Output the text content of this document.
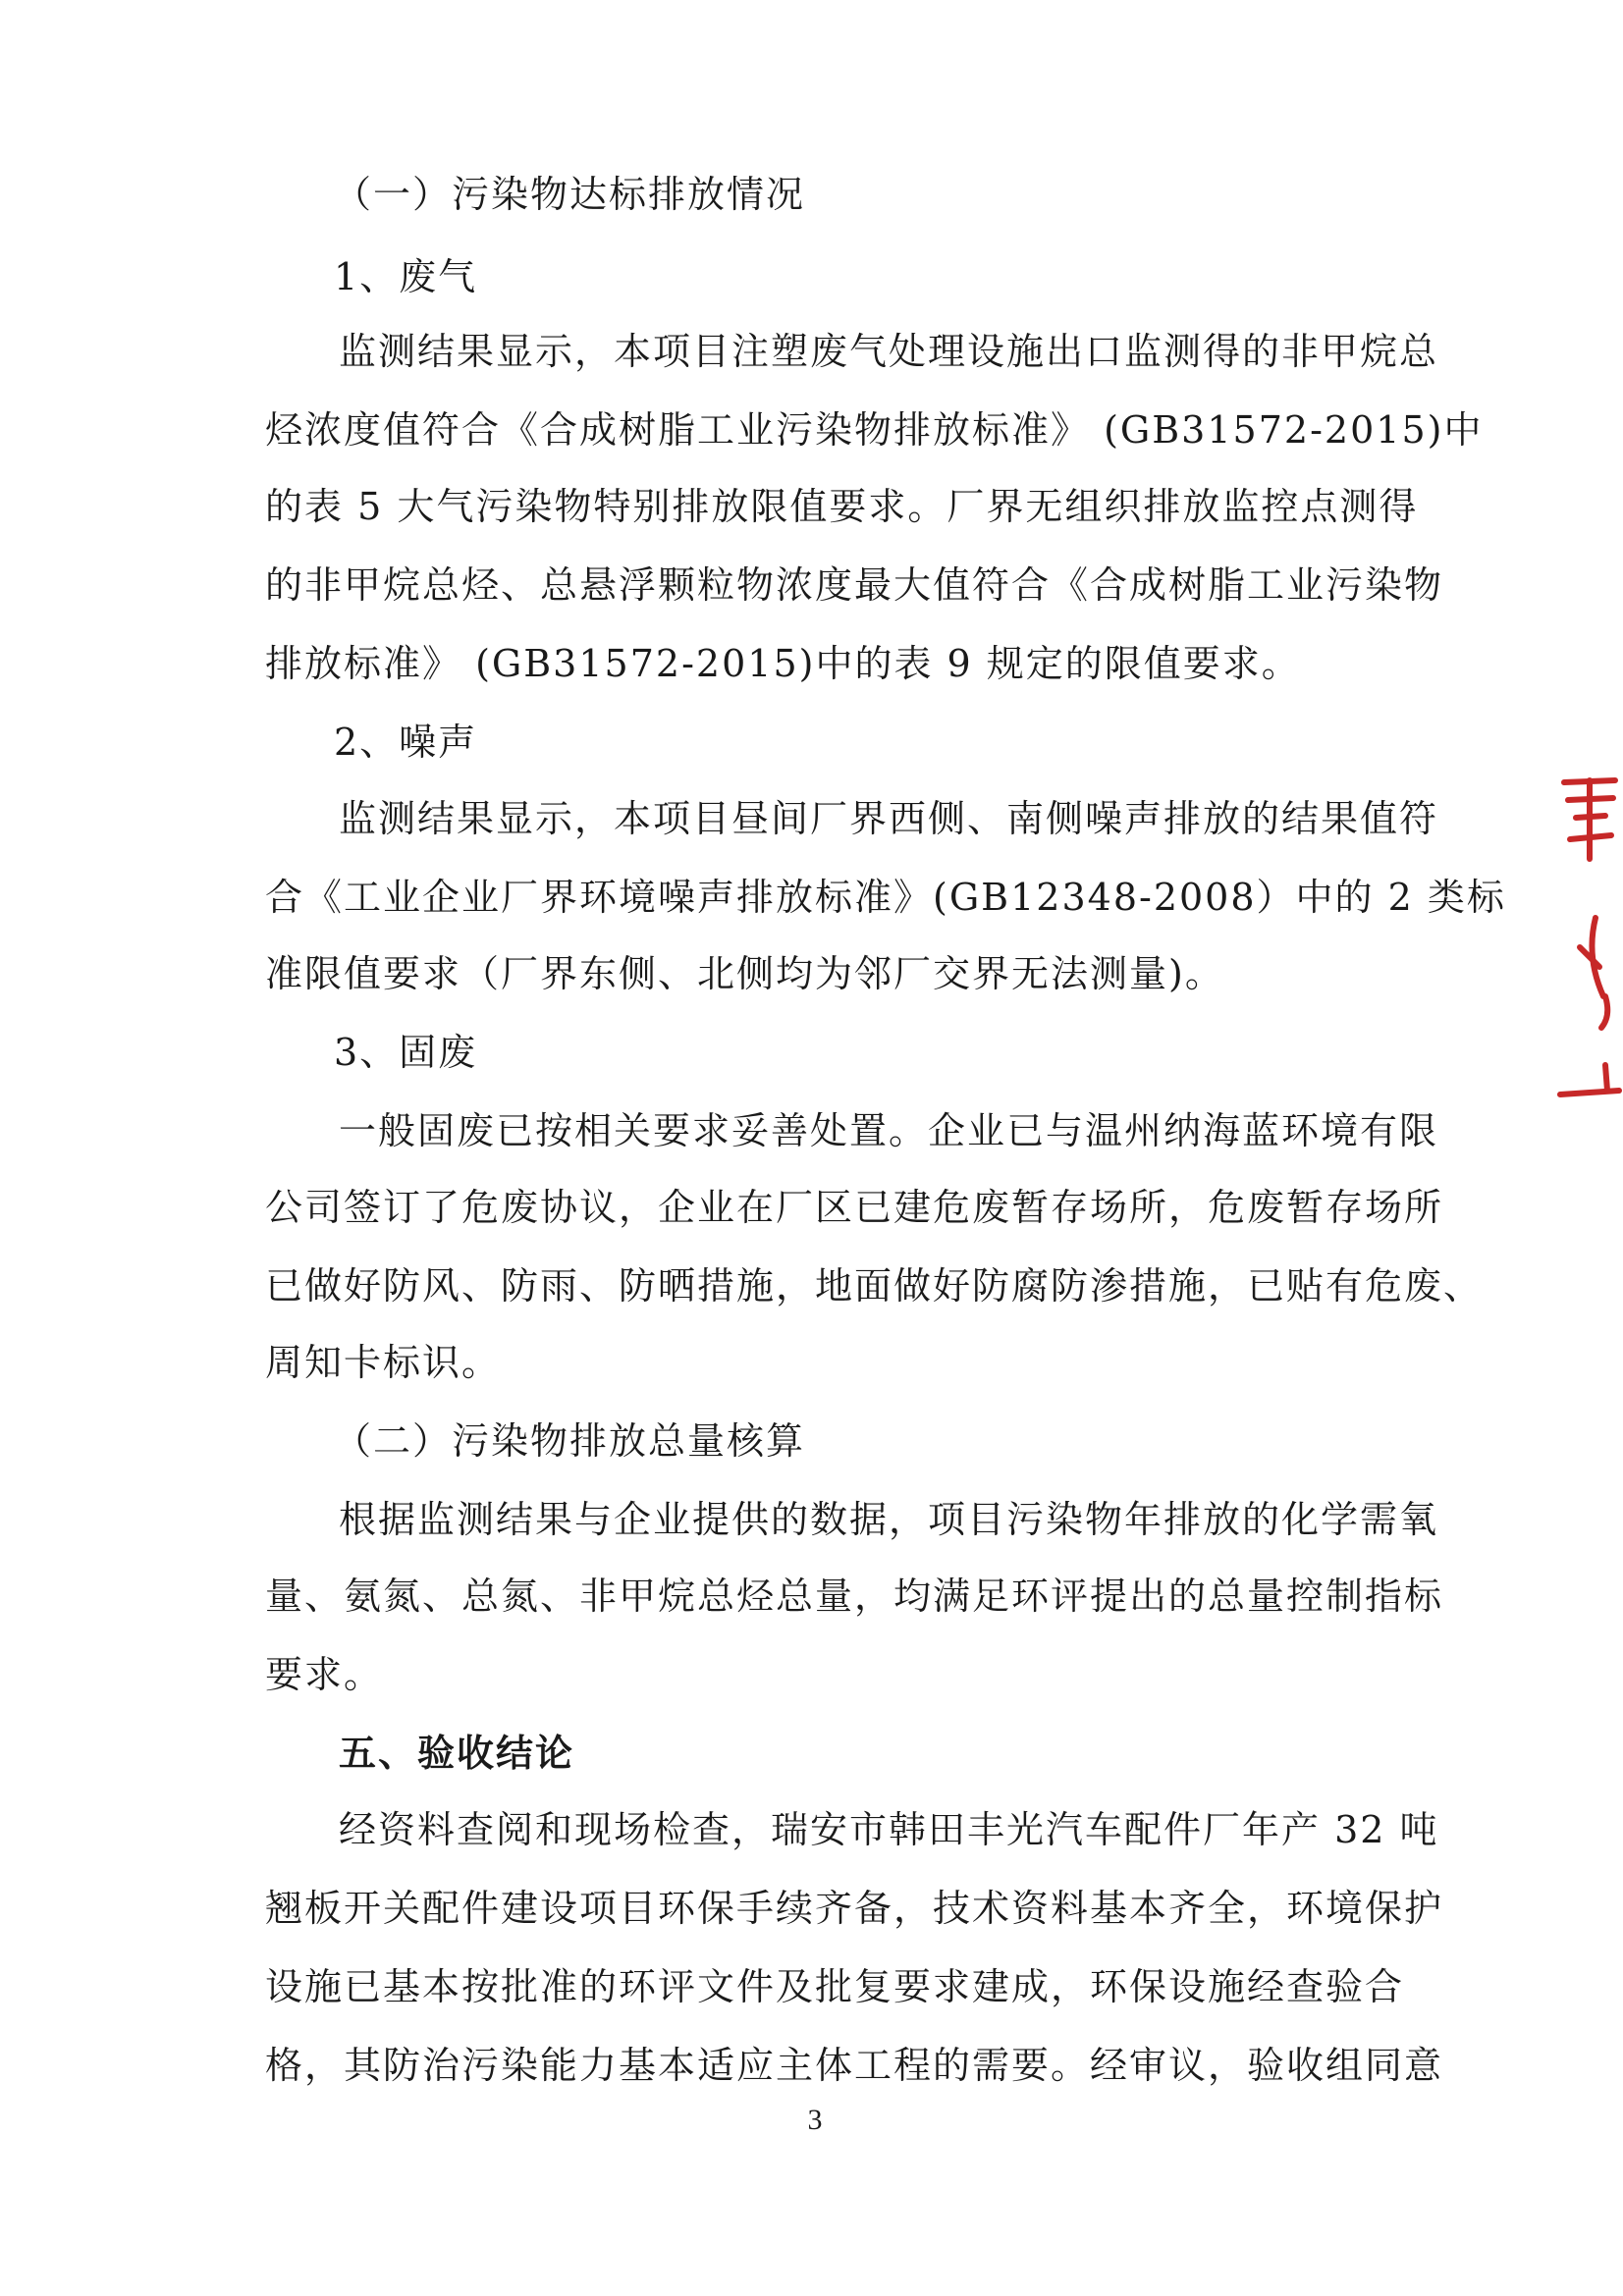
（一）污染物达标排放情况
1、废气
监测结果显示，本项目注塑废气处理设施出口监测得的非甲烷总
烃浓度值符合《合成树脂工业污染物排放标准》 (GB31572-2015)中
的表 5 大气污染物特别排放限值要求。厂界无组织排放监控点测得
的非甲烷总烃、总悬浮颗粒物浓度最大值符合《合成树脂工业污染物
排放标准》 (GB31572-2015)中的表 9 规定的限值要求。
2、噪声
监测结果显示，本项目昼间厂界西侧、南侧噪声排放的结果值符
合《工业企业厂界环境噪声排放标准》(GB12348-2008）中的 2 类标
准限值要求（厂界东侧、北侧均为邻厂交界无法测量)。
3、固废
一般固废已按相关要求妥善处置。企业已与温州纳海蓝环境有限
公司签订了危废协议，企业在厂区已建危废暂存场所，危废暂存场所
已做好防风、防雨、防晒措施，地面做好防腐防渗措施，已贴有危废、
周知卡标识。
（二）污染物排放总量核算
根据监测结果与企业提供的数据，项目污染物年排放的化学需氧
量、氨氮、总氮、非甲烷总烃总量，均满足环评提出的总量控制指标
要求。
五、验收结论
经资料查阅和现场检查，瑞安市韩田丰光汽车配件厂年产 32 吨
翘板开关配件建设项目环保手续齐备，技术资料基本齐全，环境保护
设施已基本按批准的环评文件及批复要求建成，环保设施经查验合
格，其防治污染能力基本适应主体工程的需要。经审议，验收组同意
3
